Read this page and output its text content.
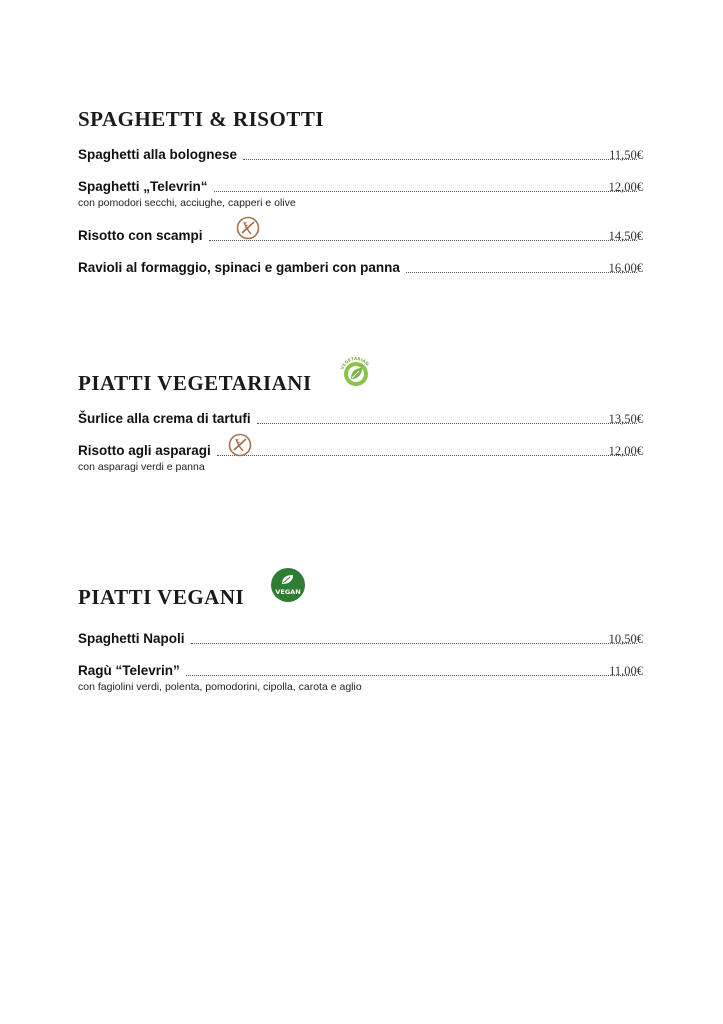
SPAGHETTI & RISOTTI
Spaghetti alla bolognese	11,50€
Spaghetti „Televrin“	12,00€
con pomodori secchi, acciughe, capperi e olive
Risotto con scampi	14,50€
Ravioli al formaggio, spinaci e gamberi con panna	16,00€
PIATTI VEGETARIANI
VEGETARIAN
Šurlice alla crema di tartufi	13,50€
Risotto agli asparagi	12,00€
con asparagi verdi e panna
PIATTI VEGANI	VEGAN
Spaghetti Napoli	10,50€
Ragù “Televrin”	11,00€
con fagiolini verdi, polenta, pomodorini, cipolla, carota e aglio
